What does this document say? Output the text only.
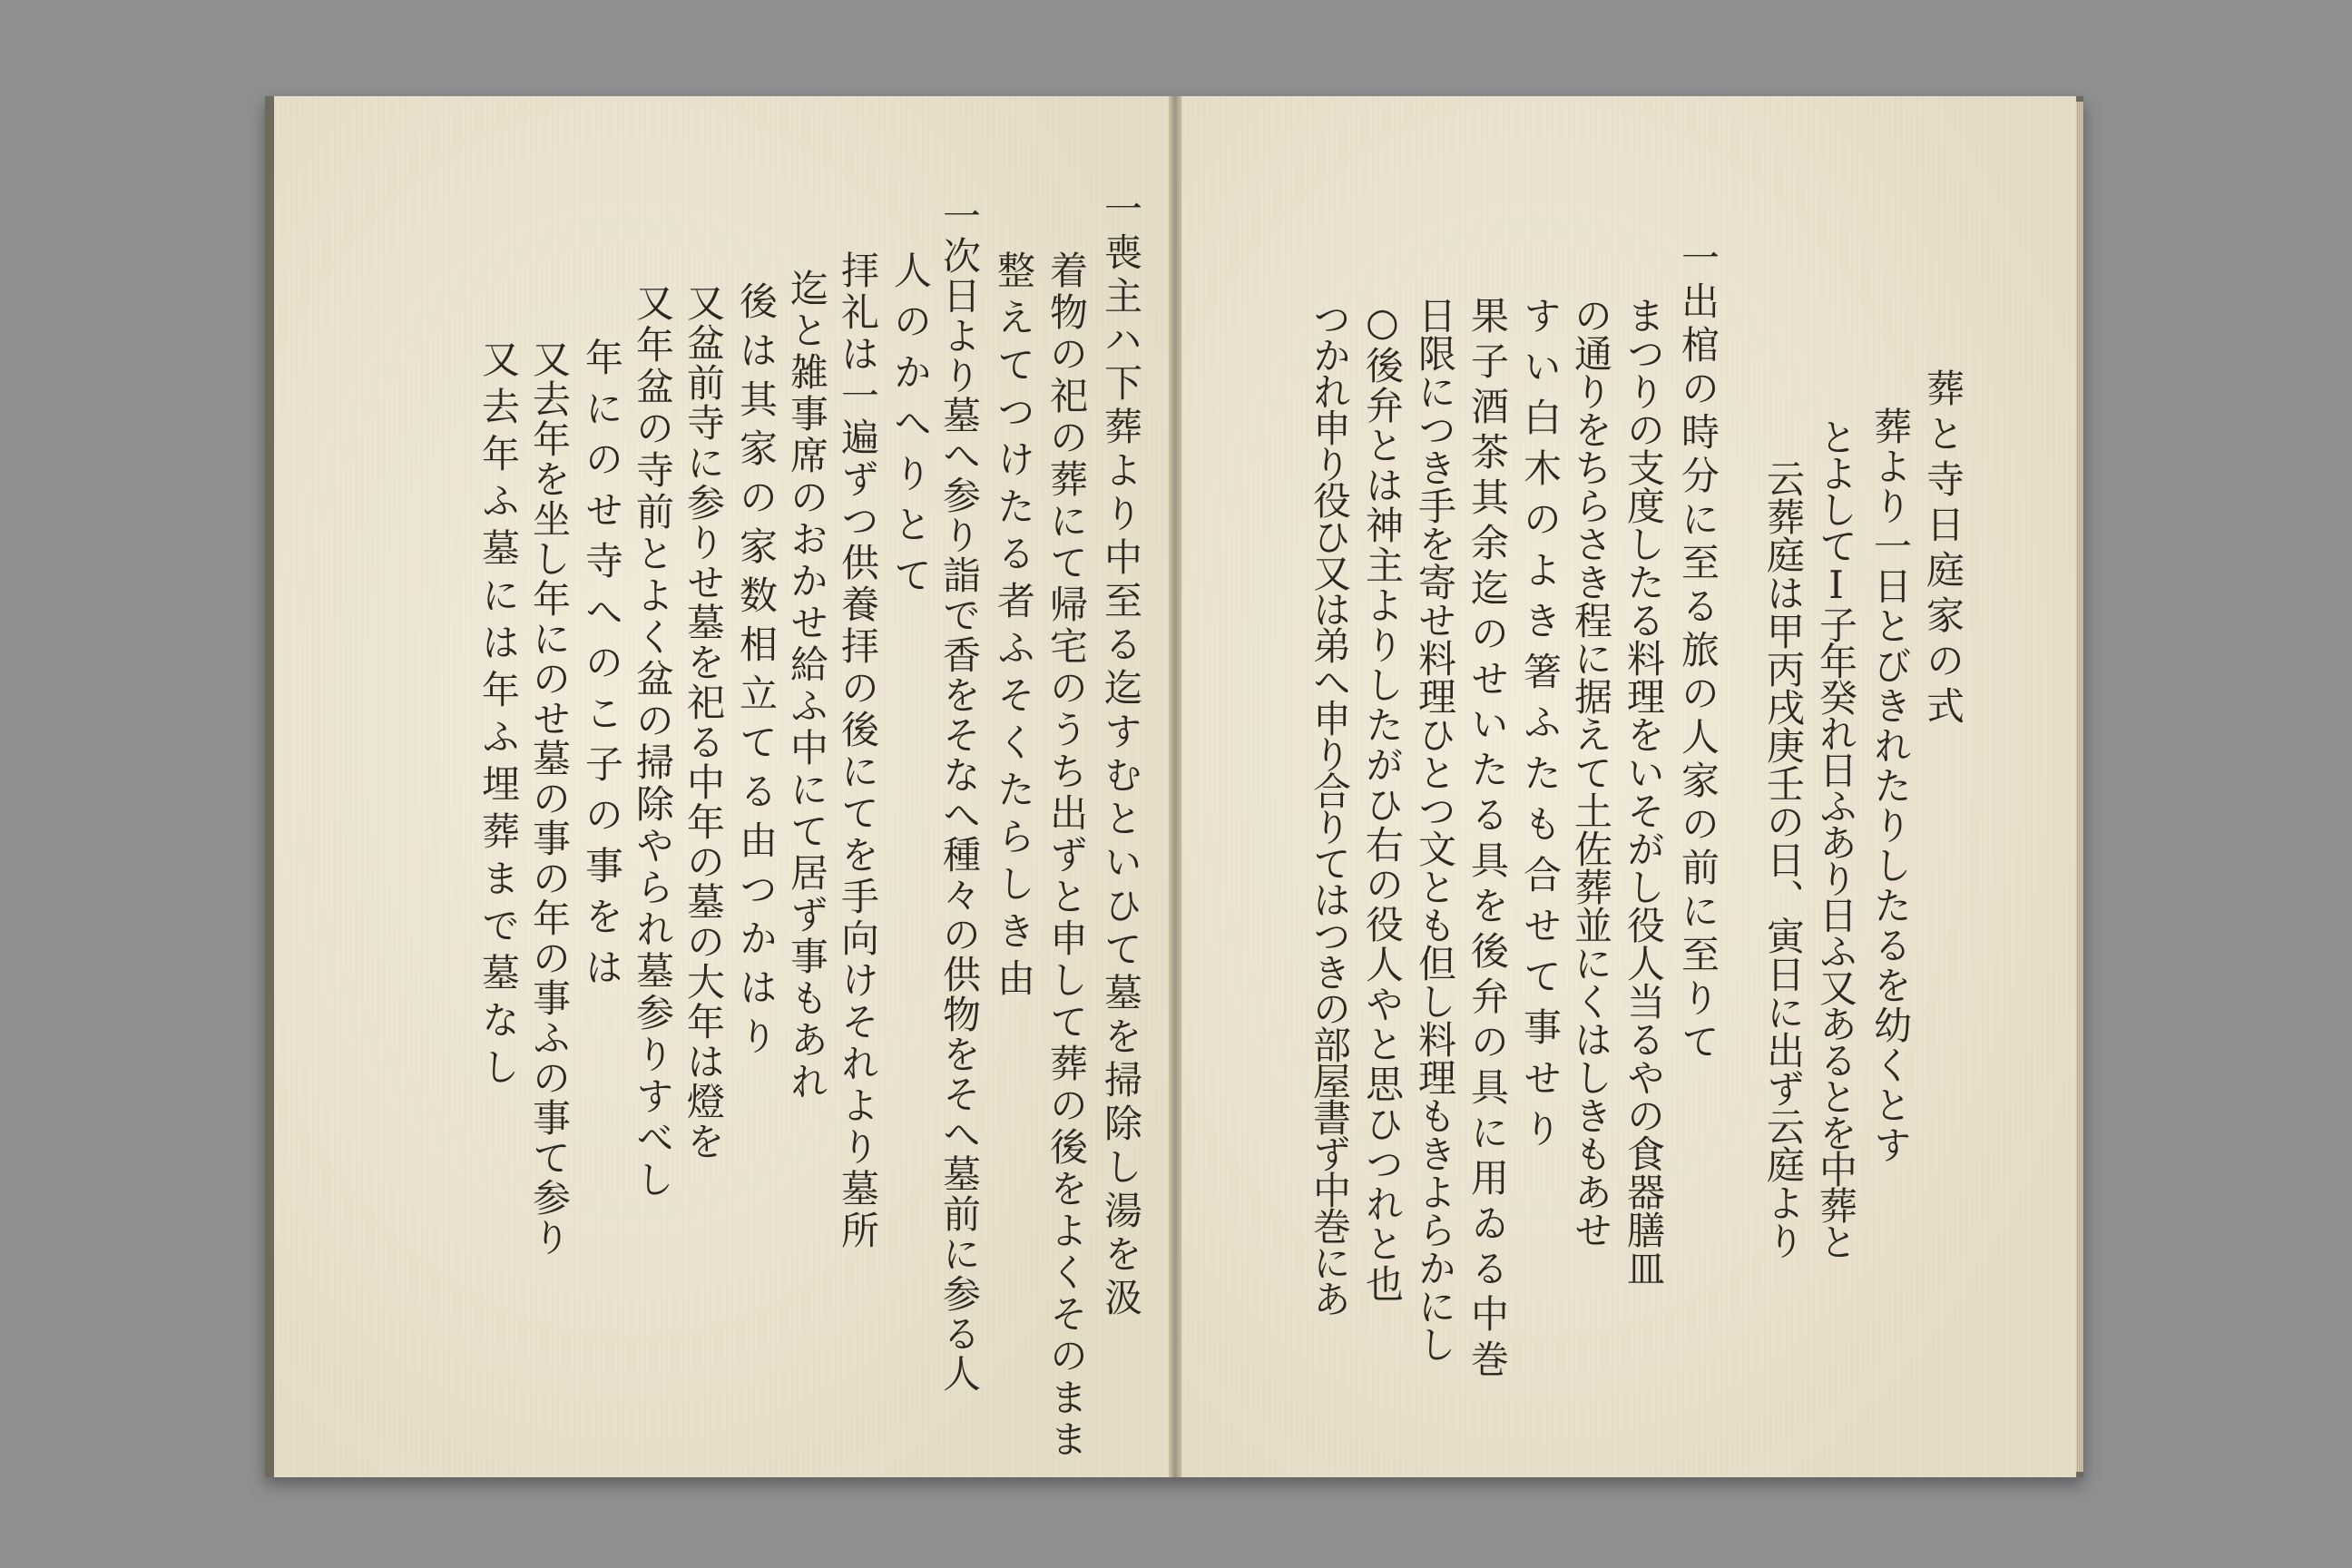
一喪主ハ下葬より中至る迄すむといひて墓を掃除し湯を汲
着物の祀の葬にて帰宅のうち出ずと申して葬の後をよくそのまま
整えてつけたる者ふそくたらしき由
一次日より墓へ参り詣で香をそなへ種々の供物をそへ墓前に参る人
人のかへりとて
拝礼は一遍ずつ供養拝の後にてを手向けそれより墓所
迄と雑事席のおかせ給ふ中にて居ず事もあれ
後は其家の家数相立てる由つかはり
又盆前寺に参りせ墓を祀る中年の墓の大年は燈を
又年盆の寺前とよく盆の掃除やられ墓参りすべし
年にのせ寺へのこ子の事をは
又去年を坐し年にのせ墓の事の年の事ふの事て参り
又去年ふ墓には年ふ埋葬まで墓なし
　	葬と寺日庭家の式
葬より一日とびきれたりしたるを幼くとす
とよしてⅠ子年癸れ日ふあり日ふ又あるとを中葬と
云葬庭は甲丙戌庚壬の日、寅日に出ず云庭より
一出棺の時分に至る旅の人家の前に至りて
まつりの支度したる料理をいそがし役人当るやの食器膳皿
の通りをちらさき程に据えて土佐葬並にくはしきもあせ
すい白木のよき箸ふたも合せて事せり
果子酒茶其余迄のせいたる具を後弁の具に用ゐる中巻
日限につき手を寄せ料理ひとつ文とも但し料理もきよらかにし
○後弁とは神主よりしたがひ右の役人やと思ひつれと也
つかれ申り役ひ又は弟へ申り合りてはつきの部屋書ず中巻にあ
